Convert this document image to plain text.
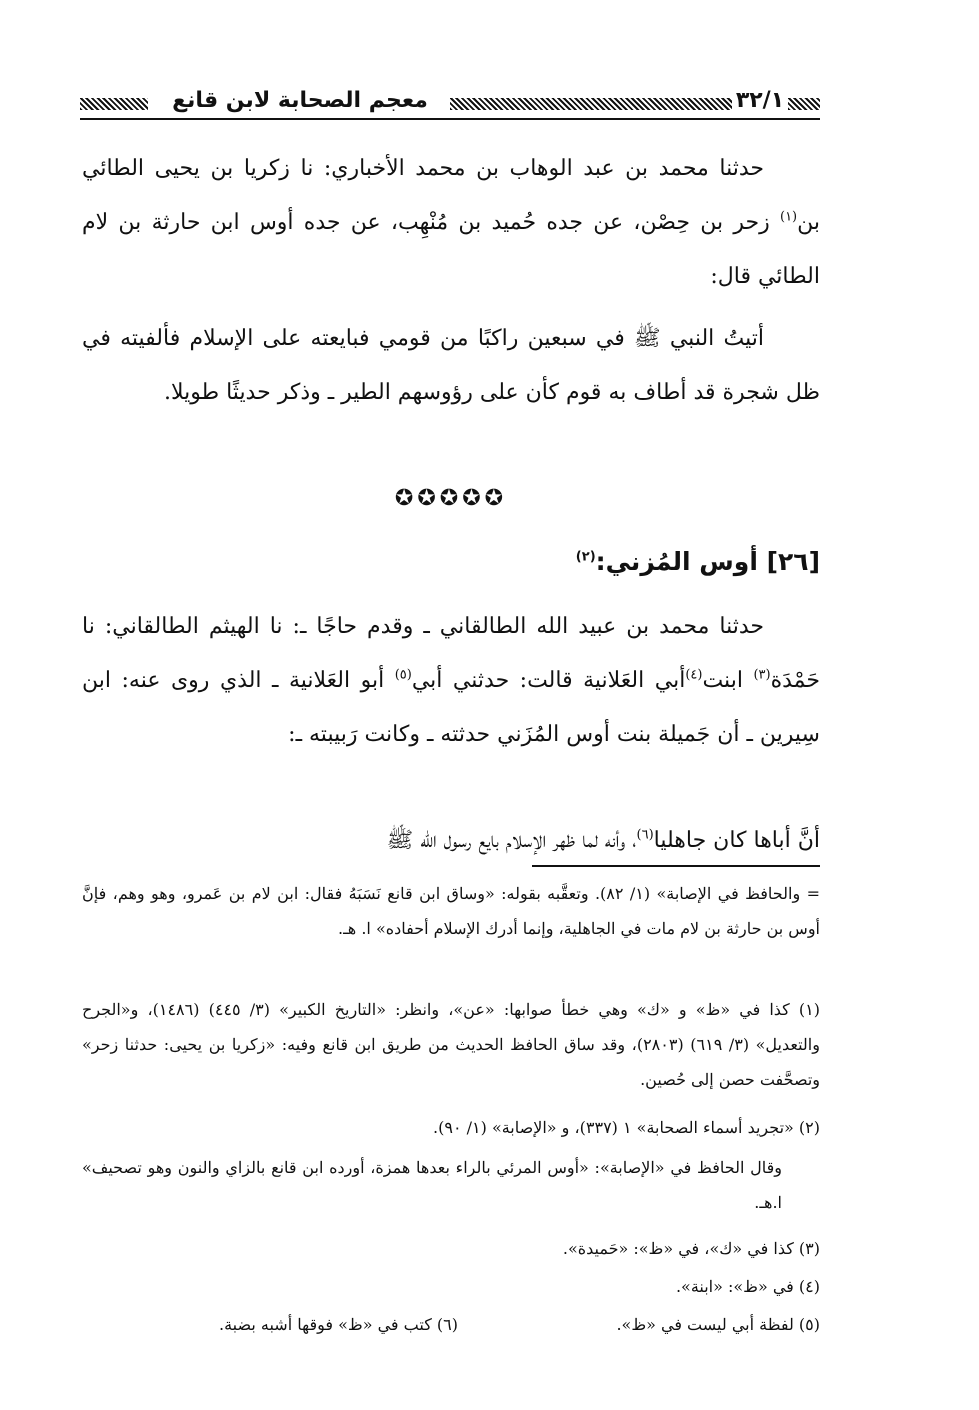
معجم الصحابة لابن قانع	٣٢/١

حدثنا محمد بن عبد الوهاب بن محمد الأخباري: نا زكريا بن يحيى الطائي بن$^{(١)}$ زحر بن حِصْن، عن جده حُميد بن مُنْهِب، عن جده أوس ابن حارثة بن لام الطائي قال:

أتيتُ النبي ﷺ في سبعين راكبًا من قومي فبايعته على الإسلام فألفيته في ظل شجرة قد أطاف به قوم كأن على رؤوسهم الطير ـ وذكر حديثًا طويلا.

✪✪✪✪✪
[٢٦] أوس المُزني:$^{(٢)}$

حدثنا محمد بن عبيد الله الطالقاني ـ وقدم حاجًا ـ: نا الهيثم الطالقاني: نا حَمْدَة$^{(٣)}$ ابنت$^{(٤)}$أبي العَلانية قالت: حدثني أبي$^{(٥)}$ أبو العَلانية ـ الذي روى عنه: ابن سِيرين ـ أن جَميلة بنت أوس المُزَني حدثته ـ وكانت رَبيبته ـ:

أنَّ أباها كان جاهليا$^{(٦)}$، وأنه لما ظهر الإسلام بايع رسول الله ﷺ

= والحافظ في الإصابة» (١/ ٨٢). وتعقَّبه بقوله: «وساق ابن قانع نَسَبَهُ فقال: ابن لام بن عَمرو، وهو وهم، فإنَّ أوس بن حارثة بن لام مات في الجاهلية، وإنما أدرك الإسلام أحفاده» ا. هـ.

(١) كذا في «ظ» و «ك» وهي خطأ صوابها: «عن»، وانظر: «التاريخ الكبير» (٣/ ٤٤٥) (١٤٨٦)، و«الجرح والتعديل» (٣/ ٦١٩) (٢٨٠٣)، وقد ساق الحافظ الحديث من طريق ابن قانع وفيه: «زكريا بن يحيى: حدثنا زحر» وتصحَّفت حصن إلى حُصين.

(٢) «تجريد أسماء الصحابة» ١ (٣٣٧)، و «الإصابة» (١/ ٩٠).

وقال الحافظ في «الإصابة»: «أوس المرئي بالراء بعدها همزة، أورده ابن قانع بالزاي والنون وهو تصحيف» ا.هـ.

(٣) كذا في «ك»، في «ظ»: «حَميدة».
(٤) في «ظ»: «ابنة».
(٥) لفظة أبي ليست في «ظ».
(٦) كتب في «ظ» فوقها أشبه بضبة.
